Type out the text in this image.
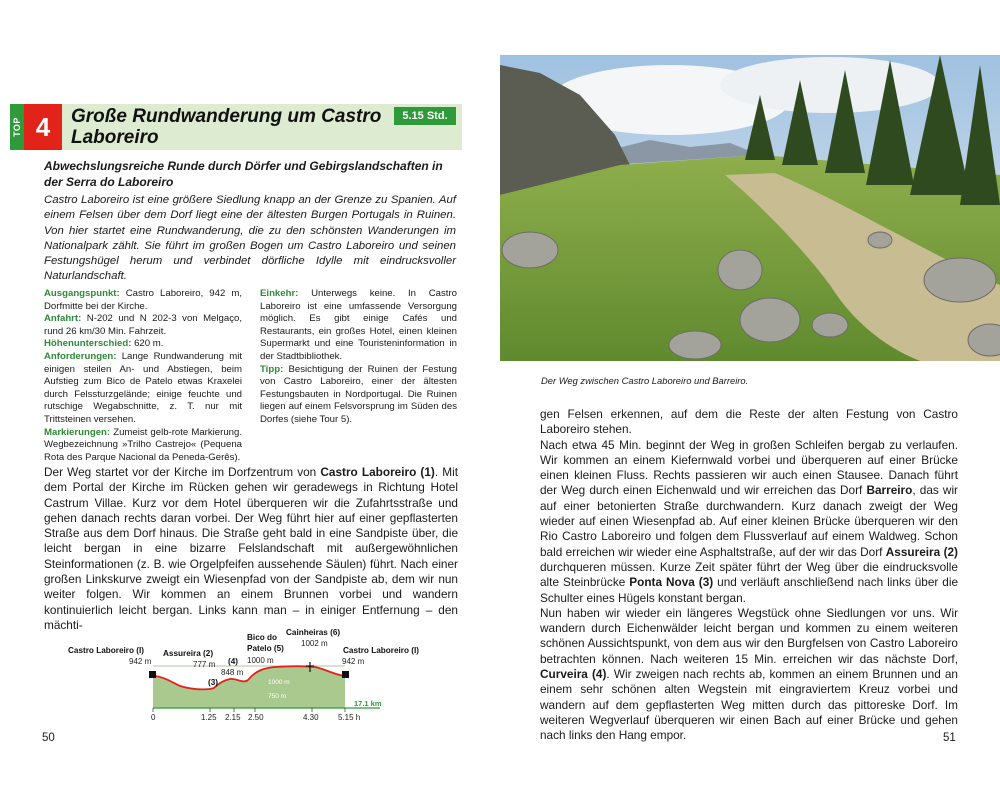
TOP 4	Große Rundwanderung um Castro Laboreiro
5.15 Std.
Abwechslungsreiche Runde durch Dörfer und Gebirgslandschaften in der Serra do Laboreiro
Castro Laboreiro ist eine größere Siedlung knapp an der Grenze zu Spanien. Auf einem Felsen über dem Dorf liegt eine der ältesten Burgen Portugals in Ruinen. Von hier startet eine Rundwanderung, die zu den schönsten Wanderungen im Nationalpark zählt. Sie führt im großen Bogen um Castro Laboreiro und seinen Festungshügel herum und verbindet dörfliche Idylle mit eindrucksvoller Naturlandschaft.

Ausgangspunkt: Castro Laboreiro, 942 m, Dorfmitte bei der Kirche.

Anfahrt: N-202 und N 202-3 von Melgaço, rund 26 km/30 Min. Fahrzeit.

Höhenunterschied: 620 m.

Anforderungen: Lange Rundwanderung mit einigen steilen An- und Abstiegen, beim Aufstieg zum Bico de Patelo etwas Kraxelei durch Felssturzgelände; einige feuchte und rutschige Wegabschnitte, z. T. nur mit Trittsteinen versehen.

Markierungen: Zumeist gelb-rote Markierung. Wegbezeichnung »Trilho Castrejo« (Pequena Rota des Parque Nacional da Peneda-Gerês).

Einkehr: Unterwegs keine. In Castro Laboreiro ist eine umfassende Versorgung möglich. Es gibt einige Cafés und Restaurants, ein großes Hotel, einen kleinen Supermarkt und eine Touristeninformation in der Stadtbibliothek.

Tipp: Besichtigung der Ruinen der Festung von Castro Laboreiro, einer der ältesten Festungsbauten in Nordportugal. Die Ruinen liegen auf einem Felsvorsprung im Süden des Dorfes (siehe Tour 5).

Der Weg startet vor der Kirche im Dorfzentrum von Castro Laboreiro (1). Mit dem Portal der Kirche im Rücken gehen wir geradewegs in Richtung Hotel Castrum Villae. Kurz vor dem Hotel überqueren wir die Zufahrtsstraße und gehen danach rechts daran vorbei. Der Weg führt hier auf einer gepflasterten Straße aus dem Dorf hinaus. Die Straße geht bald in eine Sandpiste über, die leicht bergan in eine bizarre Felslandschaft mit außergewöhnlichen Steinformationen (z. B. wie Orgelpfeifen aussehende Säulen) führt. Nach einer großen Linkskurve zweigt ein Wiesenpfad von der Sandpiste ab, dem wir nun weiter folgen. Wir kommen an einem Brunnen vorbei und wandern kontinuierlich leicht bergan. Links kann man – in einiger Entfernung – den mächti-

1000 m
750 m
17.1 km
0	1.25 2.15 2.50	4.30 5.15 h
Castro Laboreiro (I) Assureira (2)
(3)
(4)
Bico do
Patelo (5)
Cainheiras (6)
Castro Laboreiro (I)
942 m	777 m
848 m
1000 m
1002 m
942 m
50
Der Weg zwischen Castro Laboreiro und Barreiro.

gen Felsen erkennen, auf dem die Reste der alten Festung von Castro Laboreiro stehen.

Nach etwa 45 Min. beginnt der Weg in großen Schleifen bergab zu verlaufen. Wir kommen an einem Kiefernwald vorbei und überqueren auf einer Brücke einen kleinen Fluss. Rechts passieren wir auch einen Stausee. Danach führt der Weg durch einen Eichenwald und wir erreichen das Dorf Barreiro, das wir auf einer betonierten Straße durchwandern. Kurz danach zweigt der Weg wieder auf einen Wiesenpfad ab. Auf einer kleinen Brücke überqueren wir den Rio Castro Laboreiro und folgen dem Flussverlauf auf einem Waldweg. Schon bald erreichen wir wieder eine Asphaltstraße, auf der wir das Dorf Assureira (2) durchqueren müssen. Kurze Zeit später führt der Weg über die eindrucksvolle alte Steinbrücke Ponta Nova (3) und verläuft anschließend nach links über die Schulter eines Hügels konstant bergan.

Nun haben wir wieder ein längeres Wegstück ohne Siedlungen vor uns. Wir wandern durch Eichenwälder leicht bergan und kommen zu einem weiteren schönen Aussichtspunkt, von dem aus wir den Burgfelsen von Castro Laboreiro betrachten können. Nach weiteren 15 Min. erreichen wir das nächste Dorf, Curveira (4). Wir zweigen nach rechts ab, kommen an einem Brunnen und an einem sehr schönen alten Wegstein mit eingraviertem Kreuz vorbei und wandern auf dem gepflasterten Weg mitten durch das pittoreske Dorf. Im weiteren Wegverlauf überqueren wir einen Bach auf einer Brücke und gehen nach links den Hang empor.	51
